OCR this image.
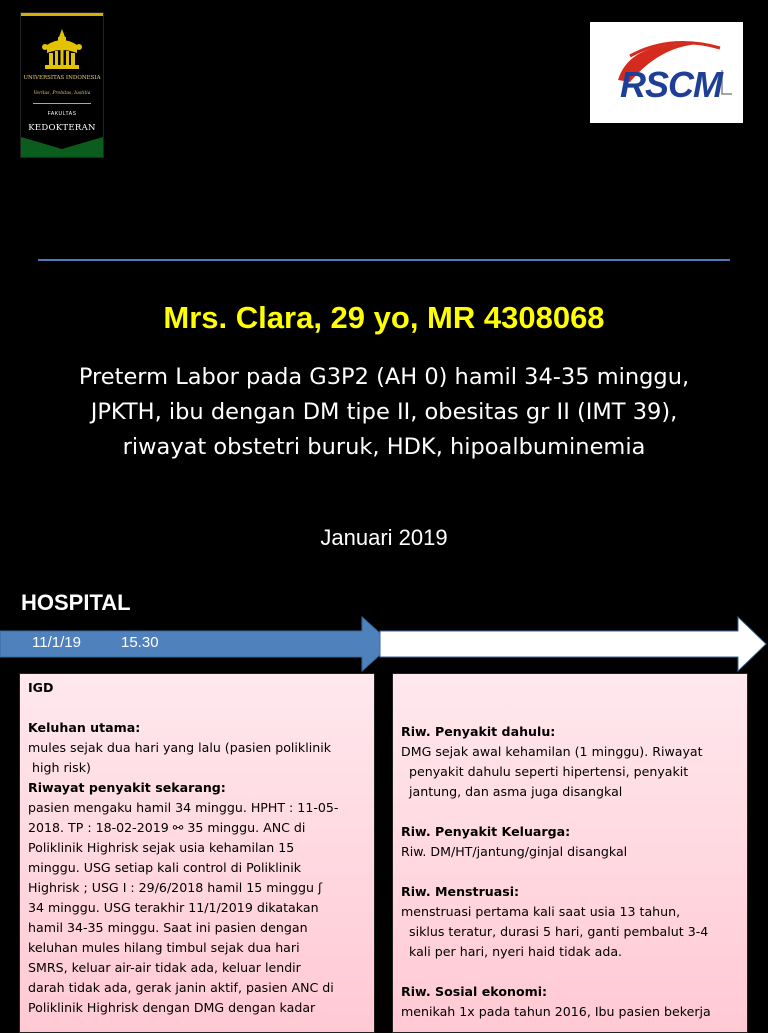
UNIVERSITAS INDONESIA
Veritas, Probitas, Iustitia
FAKULTAS
KEDOKTERAN
RSCM
Mrs. Clara, 29 yo, MR 4308068
Preterm Labor pada G3P2 (AH 0) hamil 34-35 minggu,
JPKTH, ibu dengan DM tipe II, obesitas gr II (IMT 39),
riwayat obstetri buruk, HDK, hipoalbuminemia
Januari 2019
HOSPITAL
11/1/19	15.30
IGD
Keluhan utama:
mules sejak dua hari yang lalu (pasien poliklinik
high risk)
Riwayat penyakit sekarang:
pasien mengaku hamil 34 minggu. HPHT : 11-05-
2018. TP : 18-02-2019 ⚯ 35 minggu. ANC di
Poliklinik Highrisk sejak usia kehamilan 15
minggu. USG setiap kali control di Poliklinik
Highrisk ; USG I : 29/6/2018 hamil 15 minggu ʃ
34 minggu. USG terakhir 11/1/2019 dikatakan
hamil 34-35 minggu. Saat ini pasien dengan
keluhan mules hilang timbul sejak dua hari
SMRS, keluar air-air tidak ada, keluar lendir
darah tidak ada, gerak janin aktif, pasien ANC di
Poliklinik Highrisk dengan DMG dengan kadar
Riw. Penyakit dahulu:
DMG sejak awal kehamilan (1 minggu). Riwayat
penyakit dahulu seperti hipertensi, penyakit
jantung, dan asma juga disangkal
Riw. Penyakit Keluarga:
Riw. DM/HT/jantung/ginjal disangkal
Riw. Menstruasi:
menstruasi pertama kali saat usia 13 tahun,
siklus teratur, durasi 5 hari, ganti pembalut 3-4
kali per hari, nyeri haid tidak ada.
Riw. Sosial ekonomi:
menikah 1x pada tahun 2016, Ibu pasien bekerja
